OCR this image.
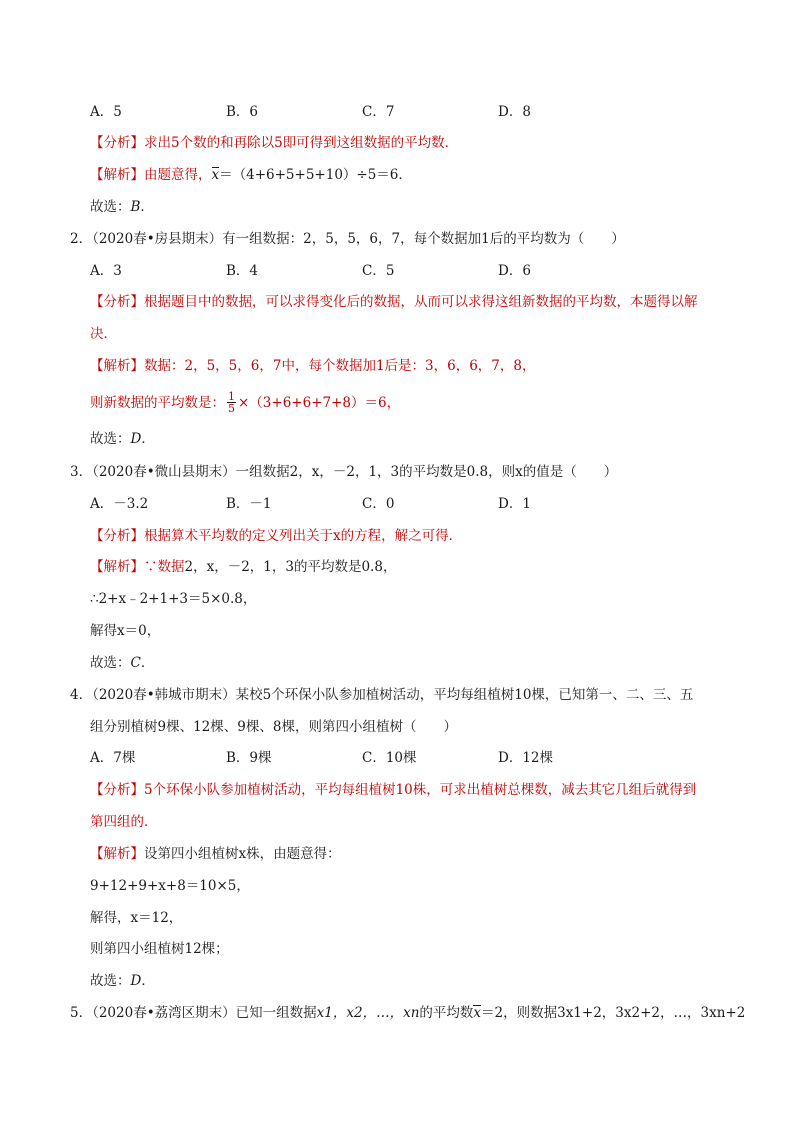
A．5	B．6	C．7	D．8
【分析】求出5个数的和再除以5即可得到这组数据的平均数．
【解析】由题意得，x＝（4+6+5+5+10）÷5＝6．
故选：B．
2．（2020春•房县期末）有一组数据：2，5，5，6，7，每个数据加1后的平均数为（　　）
A．3	B．4	C．5	D．6
【分析】根据题目中的数据，可以求得变化后的数据，从而可以求得这组新数据的平均数，本题得以解
决．
【解析】数据：2，5，5，6，7中，每个数据加1后是：3，6，6，7，8，
则新数据的平均数是： $\frac{1}{5} \times(3+6+6+7+8)=6$，
故选：D．
3．（2020春•微山县期末）一组数据2，x，－2，1，3的平均数是0.8，则x的值是（　　）
A．－3.2	B．－1	C．0	D．1
【分析】根据算术平均数的定义列出关于x的方程，解之可得．
【解析】∵数据2，x，－2，1，3的平均数是0.8，
∴2+x﹣2+1+3＝5×0.8，
解得x＝0，
故选：C．
4．（2020春•韩城市期末）某校5个环保小队参加植树活动，平均每组植树10棵，已知第一、二、三、五
组分别植树9棵、12棵、9棵、8棵，则第四小组植树（　　）
A．7棵	B．9棵	C．10棵	D．12棵
【分析】5个环保小队参加植树活动，平均每组植树10株，可求出植树总棵数，减去其它几组后就得到
第四组的．
【解析】设第四小组植树x株，由题意得：
9+12+9+x+8＝10×5，
解得，x＝12，
则第四小组植树12棵；
故选：D．
5．（2020春•荔湾区期末）已知一组数据x1，x2，…，xn的平均数x＝2，则数据3x1+2，3x2+2，…，3xn+2
